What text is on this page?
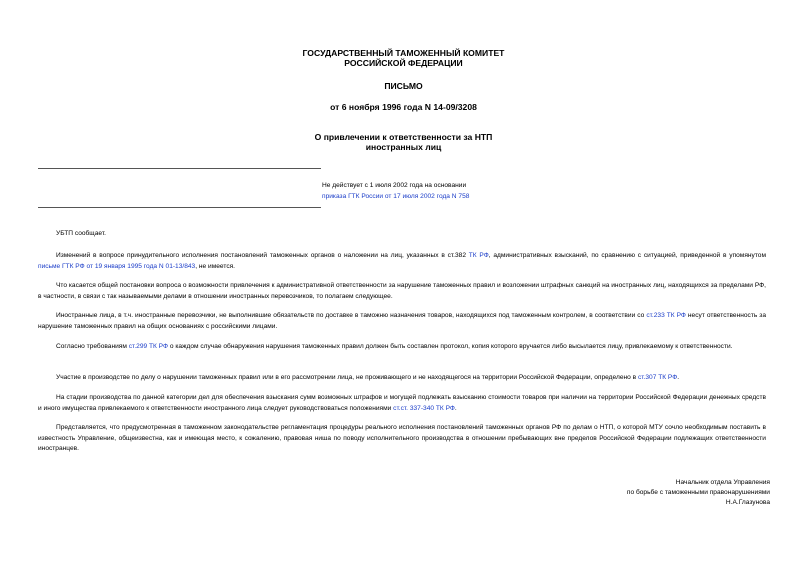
ГОСУДАРСТВЕННЫЙ ТАМОЖЕННЫЙ КОМИТЕТ
РОССИЙСКОЙ ФЕДЕРАЦИИ
ПИСЬМО
от 6 ноября 1996 года N 14-09/3208
О привлечении к ответственности за НТП
иностранных лиц
Не действует с 1 июля 2002 года на основании
приказа ГТК России от 17 июля 2002 года N 758
УБТП сообщает.
Изменений в вопросе принудительного исполнения постановлений таможенных органов о наложении на лиц, указанных в ст.382 ТК РФ, административных взысканий, по сравнению с ситуацией, приведенной в упомянутом письме ГТК РФ от 19 января 1995 года N 01-13/843, не имеется.
Что касается общей постановки вопроса о возможности привлечения к административной ответственности за нарушение таможенных правил и возложении штрафных санкций на иностранных лиц, находящихся за пределами РФ, в частности, в связи с так называемыми делами в отношении иностранных перевозчиков, то полагаем следующее.
Иностранные лица, в т.ч. иностранные перевозчики, не выполнившие обязательств по доставке в таможню назначения товаров, находящихся под таможенным контролем, в соответствии со ст.233 ТК РФ несут ответственность за нарушение таможенных правил на общих основаниях с российскими лицами.
Согласно требованиям ст.299 ТК РФ о каждом случае обнаружения нарушения таможенных правил должен быть составлен протокол, копия которого вручается либо высылается лицу, привлекаемому к ответственности.
Участие в производстве по делу о нарушении таможенных правил или в его рассмотрении лица, не проживающего и не находящегося на территории Российской Федерации, определено в ст.307 ТК РФ.
На стадии производства по данной категории дел для обеспечения взыскания сумм возможных штрафов и могущей подлежать взысканию стоимости товаров при наличии на территории Российской Федерации денежных средств и иного имущества привлекаемого к ответственности иностранного лица следует руководствоваться положениями ст.ст. 337-340 ТК РФ.
Представляется, что предусмотренная в таможенном законодательстве регламентация процедуры реального исполнения постановлений таможенных органов РФ по делам о НТП, о которой МТУ сочло необходимым поставить в известность Управление, общеизвестна, как и имеющая место, к сожалению, правовая ниша по поводу исполнительного производства в отношении пребывающих вне пределов Российской Федерации подлежащих ответственности иностранцев.
Начальник отдела Управления
по борьбе с таможенными правонарушениями
Н.А.Глазунова
